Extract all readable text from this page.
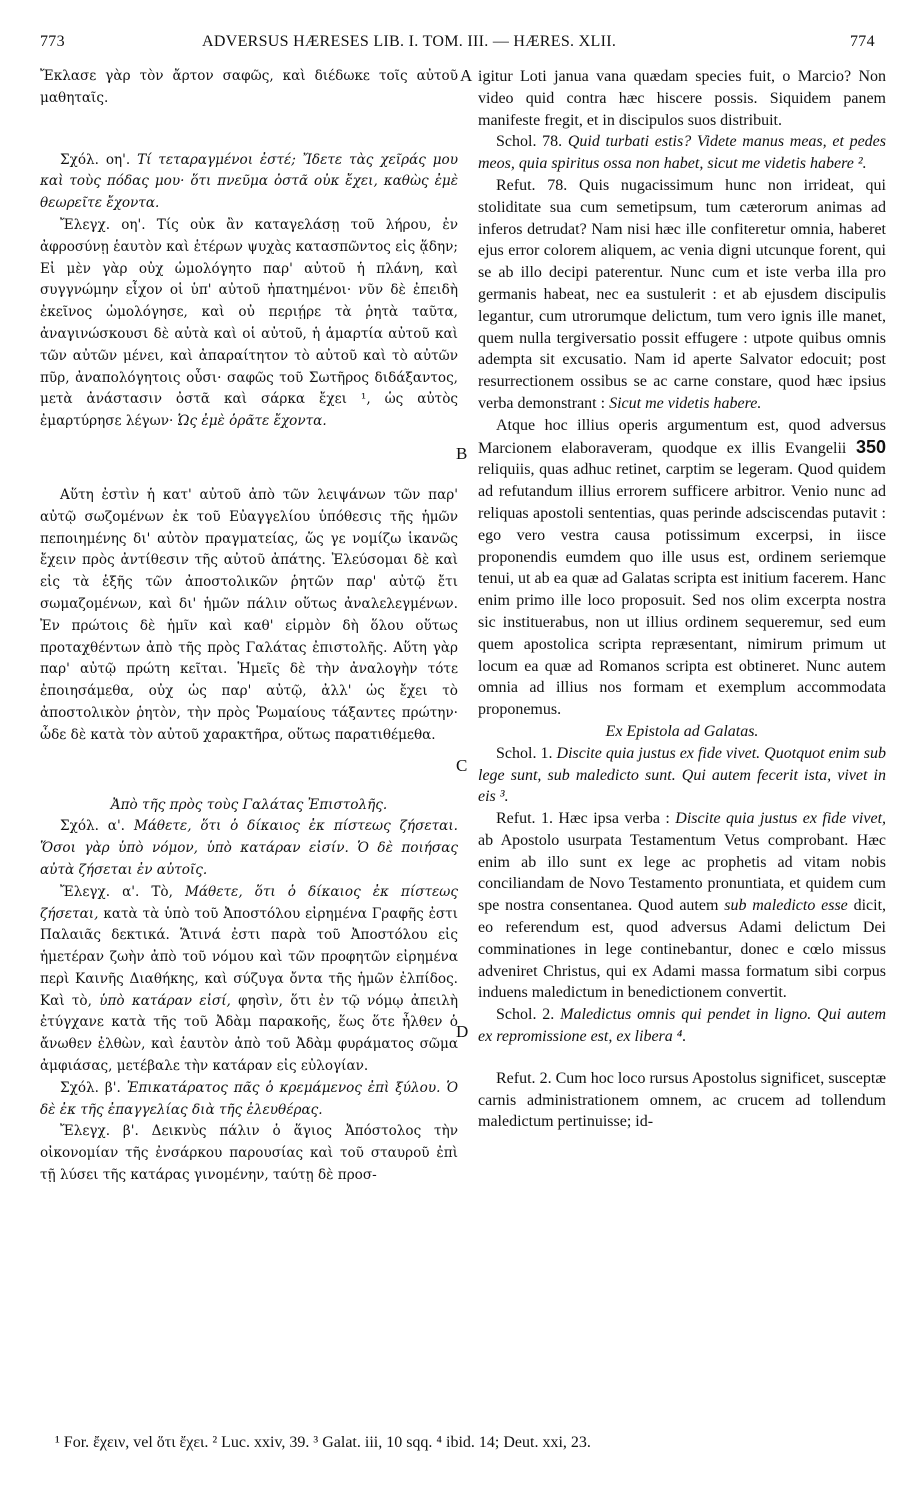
773	ADVERSUS HÆRESES LIB. I. TOM. III. — HÆRES. XLII.	774
A
B
C
D

Ἔκλασε γὰρ τὸν ἄρτον σαφῶς, καὶ διέδωκε τοῖς αὐτοῦ μαθηταῖς.

Σχόλ. οη'. Τί τεταραγμένοι ἐστέ; Ἴδετε τὰς χεῖράς μου καὶ τοὺς πόδας μου· ὅτι πνεῦμα ὀστᾶ οὐκ ἔχει, καθὼς ἐμὲ θεωρεῖτε ἔχοντα.

Ἔλεγχ. οη'. Τίς οὐκ ἂν καταγελάσῃ τοῦ λήρου, ἐν ἀφροσύνῃ ἑαυτὸν καὶ ἑτέρων ψυχὰς κατασπῶντος εἰς ᾅδην; Εἰ μὲν γὰρ οὐχ ὡμολόγητο παρ' αὐτοῦ ἡ πλάνη, καὶ συγγνώμην εἶχον οἱ ὑπ' αὐτοῦ ἠπατημένοι· νῦν δὲ ἐπειδὴ ἐκεῖνος ὡμολόγησε, καὶ οὐ περιῄρε τὰ ῥητὰ ταῦτα, ἀναγινώσκουσι δὲ αὐτὰ καὶ οἱ αὐτοῦ, ἡ ἁμαρτία αὐτοῦ καὶ τῶν αὐτῶν μένει, καὶ ἀπαραίτητον τὸ αὐτοῦ καὶ τὸ αὐτῶν πῦρ, ἀναπολόγητοις οὖσι· σαφῶς τοῦ Σωτῆρος διδάξαντος, μετὰ ἀνάστασιν ὀστᾶ καὶ σάρκα ἔχει ¹, ὡς αὐτὸς ἐμαρτύρησε λέγων· Ὡς ἐμὲ ὁρᾶτε ἔχοντα.

Αὕτη ἐστὶν ἡ κατ' αὐτοῦ ἀπὸ τῶν λειψάνων τῶν παρ' αὐτῷ σωζομένων ἐκ τοῦ Εὐαγγελίου ὑπόθεσις τῆς ἡμῶν πεποιημένης δι' αὐτὸν πραγματείας, ὥς γε νομίζω ἱκανῶς ἔχειν πρὸς ἀντίθεσιν τῆς αὐτοῦ ἀπάτης. Ἐλεύσομαι δὲ καὶ εἰς τὰ ἑξῆς τῶν ἀποστολικῶν ῥητῶν παρ' αὐτῷ ἔτι σωμαζομένων, καὶ δι' ἡμῶν πάλιν οὕτως ἀναλελεγμένων. Ἐν πρώτοις δὲ ἡμῖν καὶ καθ' εἱρμὸν δὴ ὅλου οὕτως προταχθέντων ἀπὸ τῆς πρὸς Γαλάτας ἐπιστολῆς. Αὕτη γὰρ παρ' αὐτῷ πρώτη κεῖται. Ἡμεῖς δὲ τὴν ἀναλογὴν τότε ἐποιησάμεθα, οὐχ ὡς παρ' αὐτῷ, ἀλλ' ὡς ἔχει τὸ ἀποστολικὸν ῥητὸν, τὴν πρὸς Ῥωμαίους τάξαντες πρώτην· ὧδε δὲ κατὰ τὸν αὐτοῦ χαρακτῆρα, οὕτως παρατιθέμεθα.

Ἀπὸ τῆς πρὸς τοὺς Γαλάτας Ἐπιστολῆς.

Σχόλ. α'. Μάθετε, ὅτι ὁ δίκαιος ἐκ πίστεως ζήσεται. Ὅσοι γὰρ ὑπὸ νόμον, ὑπὸ κατάραν εἰσίν. Ὁ δὲ ποιήσας αὐτὰ ζήσεται ἐν αὐτοῖς.

Ἔλεγχ. α'. Τὸ, Μάθετε, ὅτι ὁ δίκαιος ἐκ πίστεως ζήσεται, κατὰ τὰ ὑπὸ τοῦ Ἀποστόλου εἰρημένα Γραφῆς ἐστι Παλαιᾶς δεκτικά. Ἅτινά ἐστι παρὰ τοῦ Ἀποστόλου εἰς ἡμετέραν ζωὴν ἀπὸ τοῦ νόμου καὶ τῶν προφητῶν εἰρημένα περὶ Καινῆς Διαθήκης, καὶ σύζυγα ὄντα τῆς ἡμῶν ἐλπίδος. Καὶ τὸ, ὑπὸ κατάραν εἰσί, φησὶν, ὅτι ἐν τῷ νόμῳ ἀπειλὴ ἐτύγχανε κατὰ τῆς τοῦ Ἀδὰμ παρακοῆς, ἕως ὅτε ἦλθεν ὁ ἄνωθεν ἐλθὼν, καὶ ἑαυτὸν ἀπὸ τοῦ Ἀδὰμ φυράματος σῶμα ἀμφιάσας, μετέβαλε τὴν κατάραν εἰς εὐλογίαν.

Σχόλ. β'. Ἐπικατάρατος πᾶς ὁ κρεμάμενος ἐπὶ ξύλου. Ὁ δὲ ἐκ τῆς ἐπαγγελίας διὰ τῆς ἐλευθέρας.

Ἔλεγχ. β'. Δεικνὺς πάλιν ὁ ἅγιος Ἀπόστολος τὴν οἰκονομίαν τῆς ἐνσάρκου παρουσίας καὶ τοῦ σταυροῦ ἐπὶ τῇ λύσει τῆς κατάρας γινομένην, ταύτῃ δὲ προσ-

igitur Loti janua vana quædam species fuit, o Marcio? Non video quid contra hæc hiscere possis. Siquidem panem manifeste fregit, et in discipulos suos distribuit.

Schol. 78. Quid turbati estis? Videte manus meas, et pedes meos, quia spiritus ossa non habet, sicut me videtis habere ².

Refut. 78. Quis nugacissimum hunc non irrideat, qui stoliditate sua cum semetipsum, tum cæterorum animas ad inferos detrudat? Nam nisi hæc ille confiteretur omnia, haberet ejus error colorem aliquem, ac venia digni utcunque forent, qui se ab illo decipi paterentur. Nunc cum et iste verba illa pro germanis habeat, nec ea sustulerit : et ab ejusdem discipulis legantur, cum utrorumque delictum, tum vero ignis ille manet, quem nulla tergiversatio possit effugere : utpote quibus omnis adempta sit excusatio. Nam id aperte Salvator edocuit; post resurrectionem ossibus se ac carne constare, quod hæc ipsius verba demonstrant : Sicut me videtis habere.

Atque hoc illius operis argumentum est, quod adversus Marcionem elaboraveram, quodque ex illis Evangelii 350 reliquiis, quas adhuc retinet, carptim se legeram. Quod quidem ad refutandum illius errorem sufficere arbitror. Venio nunc ad reliquas apostoli sententias, quas perinde adsciscendas putavit : ego vero vestra causa potissimum excerpsi, in iisce proponendis eumdem quo ille usus est, ordinem seriemque tenui, ut ab ea quæ ad Galatas scripta est initium facerem. Hanc enim primo ille loco proposuit. Sed nos olim excerpta nostra sic instituerabus, non ut illius ordinem sequeremur, sed eum quem apostolica scripta repræsentant, nimirum primum ut locum ea quæ ad Romanos scripta est obtineret. Nunc autem omnia ad illius nos formam et exemplum accommodata proponemus.

Ex Epistola ad Galatas.

Schol. 1. Discite quia justus ex fide vivet. Quotquot enim sub lege sunt, sub maledicto sunt. Qui autem fecerit ista, vivet in eis ³.

Refut. 1. Hæc ipsa verba : Discite quia justus ex fide vivet, ab Apostolo usurpata Testamentum Vetus comprobant. Hæc enim ab illo sunt ex lege ac prophetis ad vitam nobis conciliandam de Novo Testamento pronuntiata, et quidem cum spe nostra consentanea. Quod autem sub maledicto esse dicit, eo referendum est, quod adversus Adami delictum Dei comminationes in lege continebantur, donec e cœlo missus adveniret Christus, qui ex Adami massa formatum sibi corpus induens maledictum in benedictionem convertit.

Schol. 2. Maledictus omnis qui pendet in ligno. Qui autem ex repromissione est, ex libera ⁴.

Refut. 2. Cum hoc loco rursus Apostolus significet, susceptæ carnis administrationem omnem, ac crucem ad tollendum maledictum pertinuisse; id-

¹ For. ἔχειν, vel ὅτι ἔχει. ² Luc. xxiv, 39. ³ Galat. iii, 10 sqq. ⁴ ibid. 14; Deut. xxi, 23.
